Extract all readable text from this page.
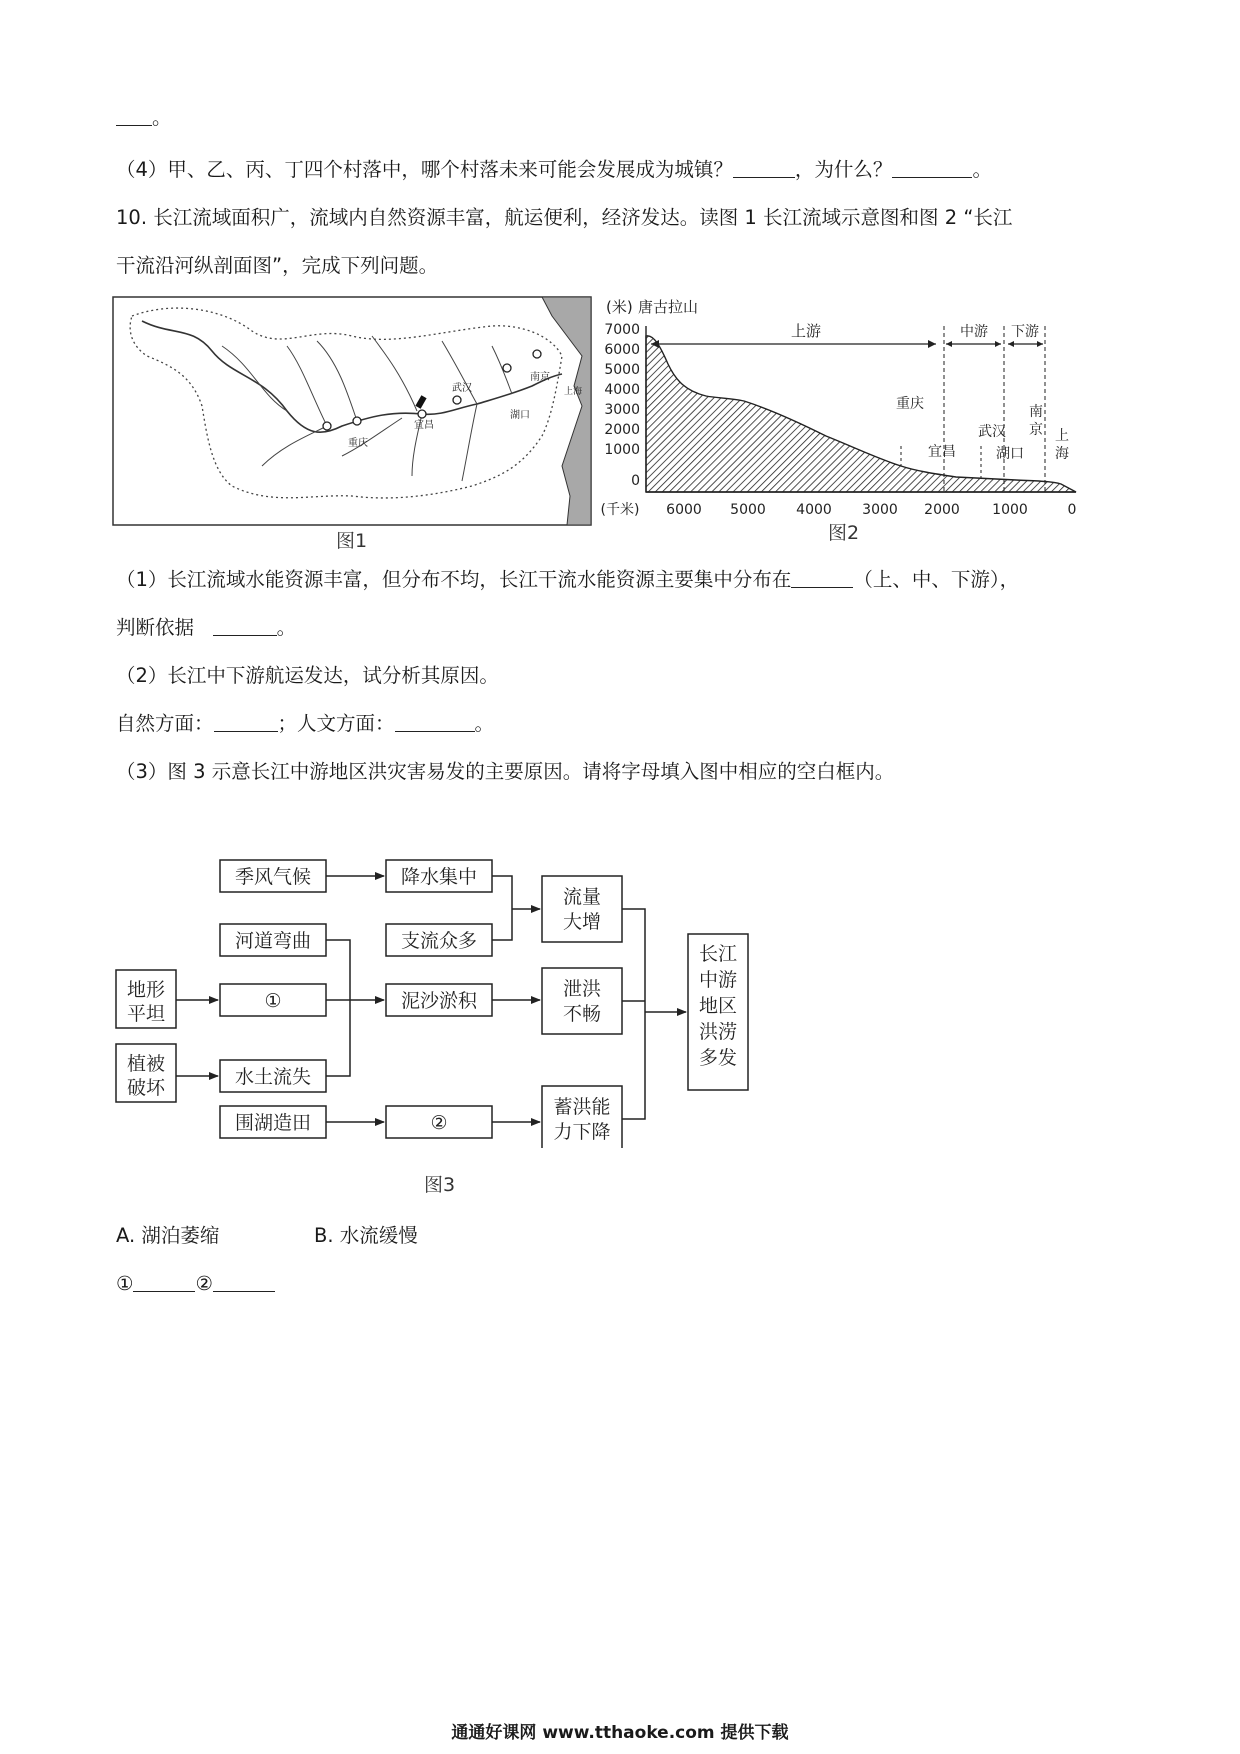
。
（4）甲、乙、丙、丁四个村落中，哪个村落未来可能会发展成为城镇？	，为什么？	。
10. 长江流域面积广，流域内自然资源丰富，航运便利，经济发达。读图 1 长江流域示意图和图 2 “长江
干流沿河纵剖面图”，完成下列问题。
重庆
宜昌
武汉
湖口
南京
上海
图1
(米) 唐古拉山
7000
6000
5000
4000
3000
2000
1000
0
上游	中游 下游
重庆
宜昌
武汉
湖口
南
京 上
海
(千米) 6000 5000 4000 3000 2000 1000	0
图2
（1）长江流域水能资源丰富，但分布不均，长江干流水能资源主要集中分布在	（上、中、下游），
判断依据	。
（2）长江中下游航运发达，试分析其原因。
自然方面：	；人文方面：	。
（3）图 3 示意长江中游地区洪灾害易发的主要原因。请将字母填入图中相应的空白框内。
季风气候	降水集中
支流众多
流量
大增
河道弯曲
地形
平坦
①	泥沙淤积
泄洪
不畅
植被
破坏	水土流失
围湖造田	②
蓄洪能
力下降
长江
中游
地区
洪涝
多发
图3
A. 湖泊萎缩	B. 水流缓慢
①	②
通通好课网 www.tthaoke.com 提供下载
